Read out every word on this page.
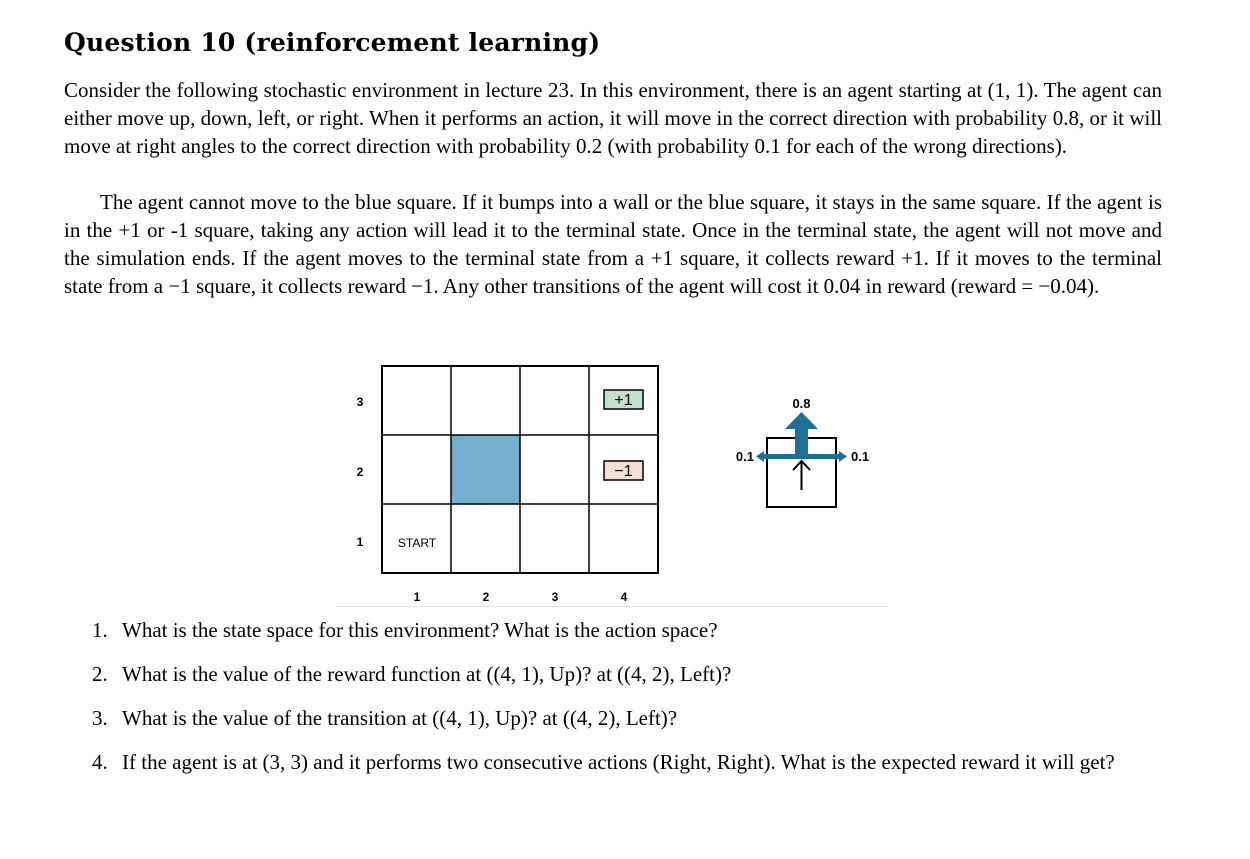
Question 10 (reinforcement learning)

Consider the following stochastic environment in lecture 23. In this environment, there is an agent starting at (1, 1). The agent can either move up, down, left, or right. When it performs an action, it will move in the correct direction with probability 0.8, or it will move at right angles to the correct direction with probability 0.2 (with probability 0.1 for each of the wrong directions).

The agent cannot move to the blue square. If it bumps into a wall or the blue square, it stays in the same square. If the agent is in the +1 or -1 square, taking any action will lead it to the terminal state. Once in the terminal state, the agent will not move and the simulation ends. If the agent moves to the terminal state from a +1 square, it collects reward +1. If it moves to the terminal state from a −1 square, it collects reward −1. Any other transitions of the agent will cost it 0.04 in reward (reward = −0.04).

+1
−1
START
3
2
1
1	2	3	4
0.8
0.1	0.1
1. What is the state space for this environment? What is the action space?
2. What is the value of the reward function at ((4, 1), Up)? at ((4, 2), Left)?
3. What is the value of the transition at ((4, 1), Up)? at ((4, 2), Left)?
4. If the agent is at (3, 3) and it performs two consecutive actions (Right, Right). What is the expected reward it will get?
